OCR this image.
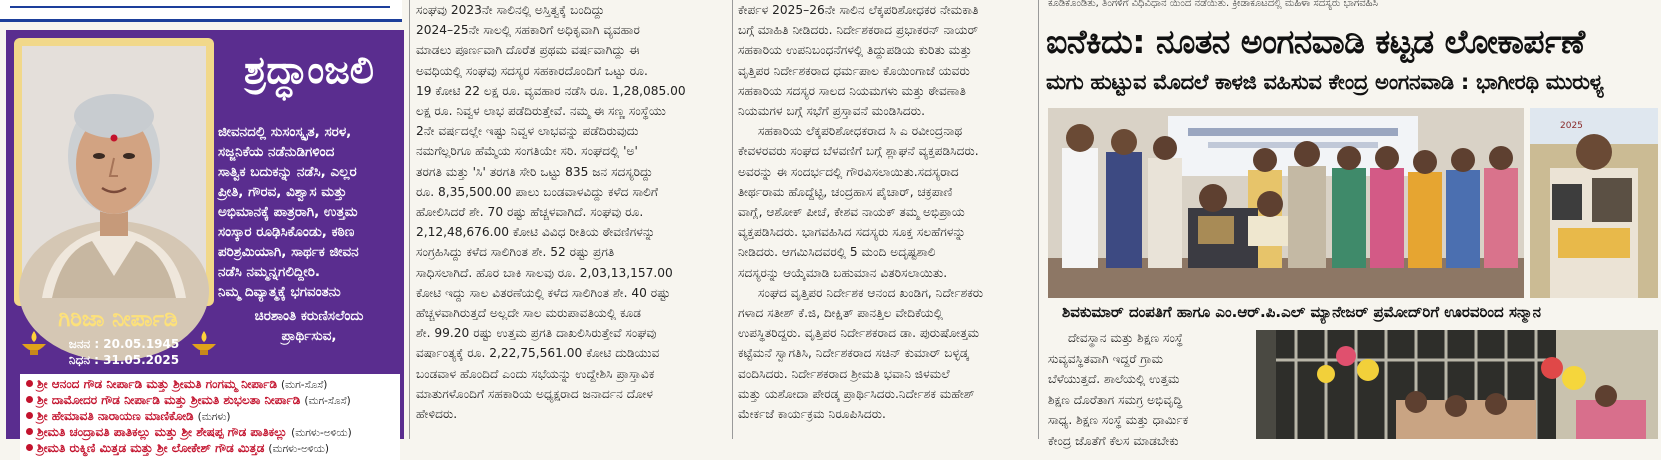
ಶ್ರದ್ಧಾಂಜಲಿ
ಜೀವನದಲ್ಲಿ ಸುಸಂಸ್ಕೃತ, ಸರಳ,
ಸಜ್ಜನಿಕೆಯ ನಡೆನುಡಿಗಳಿಂದ
ಸಾತ್ವಿಕ ಬದುಕನ್ನು ನಡೆಸಿ, ಎಲ್ಲರ
ಪ್ರೀತಿ, ಗೌರವ, ವಿಶ್ವಾಸ ಮತ್ತು
ಅಭಿಮಾನಕ್ಕೆ ಪಾತ್ರರಾಗಿ, ಉತ್ತಮ
ಸಂಸ್ಕಾರ ರೂಢಿಸಿಕೊಂಡು, ಕಠಿಣ
ಪರಿಶ್ರಮಿಯಾಗಿ, ಸಾರ್ಥಕ ಜೀವನ
ನಡೆಸಿ ನಮ್ಮನ್ನಗಲಿದ್ದೀರಿ.
ನಿಮ್ಮ ದಿವ್ಯಾತ್ಮಕ್ಕೆ ಭಗವಂತನು
ಗಿರಿಜಾ ನೀರ್ಪಾಡಿ
ಜನನ : 20.05.1945
ನಿಧನ : 31.05.2025
ಚಿರಶಾಂತಿ ಕರುಣಿಸಲೆಂದು
ಪ್ರಾರ್ಥಿಸುವ,
ಶ್ರೀ ಆನಂದ ಗೌಡ ನೀರ್ಪಾಡಿ ಮತ್ತು ಶ್ರೀಮತಿ ಗಂಗಮ್ಮ ನೀರ್ಪಾಡಿ (ಮಗ-ಸೊಸೆ)
ಶ್ರೀ ದಾಮೋದರ ಗೌಡ ನೀರ್ಪಾಡಿ ಮತ್ತು ಶ್ರೀಮತಿ ಶುಭಲತಾ ನೀರ್ಪಾಡಿ (ಮಗ-ಸೊಸೆ)
ಶ್ರೀ ಹೇಮಾವತಿ ನಾರಾಯಣ ಮಾಣಿಕೋಡಿ (ಮಗಳು)
ಶ್ರೀಮತಿ ಚಂದ್ರಾವತಿ ಪಾತಿಕಲ್ಲು ಮತ್ತು ಶ್ರೀ ಶೇಷಪ್ಪ ಗೌಡ ಪಾತಿಕಲ್ಲು (ಮಗಳು-ಅಳಿಯ)
ಶ್ರೀಮತಿ ರುಕ್ಮಿಣಿ ಮಿತ್ತಡ ಮತ್ತು ಶ್ರೀ ಲೋಕೇಶ್ ಗೌಡ ಮಿತ್ತಡ (ಮಗಳು-ಅಳಿಯ)
ಸಂಘವು 2023ನೇ ಸಾಲಿನಲ್ಲಿ ಅಸ್ತಿತ್ವಕ್ಕೆ ಬಂದಿದ್ದು
2024–25ನೇ ಸಾಲಲ್ಲಿ ಸಹಕಾರಿಗೆ ಅಧಿಕೃವಾಗಿ ವ್ಯವಹಾರ
ಮಾಡಲು ಪೂರ್ಣವಾಗಿ ದೊರೆತ ಪ್ರಥಮ ವರ್ಷವಾಗಿದ್ದು ಈ
ಅವಧಿಯಲ್ಲಿ ಸಂಘವು ಸದಸ್ಯರ ಸಹಕಾರದೊಂದಿಗೆ ಒಟ್ಟು ರೂ.
19 ಕೋಟಿ 22 ಲಕ್ಷ ರೂ. ವ್ಯವಹಾರ ನಡೆಸಿ ರೂ. 1,28,085.00
ಲಕ್ಷ ರೂ. ನಿವ್ವಳ ಲಾಭ ಪಡೆದಿರುತ್ತೇವೆ. ನಮ್ಮ ಈ ಸಣ್ಣ ಸಂಸ್ಥೆಯು
2ನೇ ವರ್ಷದಲ್ಲೇ ಇಷ್ಟು ನಿವ್ವಳ ಲಾಭವನ್ನು ಪಡೆದಿರುವುದು
ನಮಗೆಲ್ಲರಿಗೂ ಹೆಮ್ಮೆಯ ಸಂಗತಿಯೇ ಸರಿ. ಸಂಘದಲ್ಲಿ 'ಅ'
ತರಗತಿ ಮತ್ತು 'ಸಿ' ತರಗತಿ ಸೇರಿ ಒಟ್ಟು 835 ಜನ ಸದಸ್ಯರಿದ್ದು
ರೂ. 8,35,500.00 ಪಾಲು ಬಂಡವಾಳವಿದ್ದು ಕಳೆದ ಸಾಲಿಗೆ
ಹೋಲಿಸಿದರೆ ಶೇ. 70 ರಷ್ಟು ಹೆಚ್ಚಳವಾಗಿದೆ. ಸಂಘವು ರೂ.
2,12,48,676.00 ಕೋಟಿ ವಿವಿಧ ರೀತಿಯ ಠೇವಣಿಗಳನ್ನು
ಸಂಗ್ರಹಿಸಿದ್ದು ಕಳೆದ ಸಾಲಿಗಿಂತ ಶೇ. 52 ರಷ್ಟು ಪ್ರಗತಿ
ಸಾಧಿಸಲಾಗಿದೆ. ಹೊರ ಬಾಕಿ ಸಾಲವು ರೂ. 2,03,13,157.00
ಕೋಟಿ ಇದ್ದು ಸಾಲ ವಿತರಣೆಯಲ್ಲಿ ಕಳೆದ ಸಾಲಿಗಿಂತ ಶೇ. 40 ರಷ್ಟು
ಹೆಚ್ಚಳವಾಗಿರುತ್ತದೆ ಅಲ್ಲದೇ ಸಾಲ ಮರುಪಾವತಿಯಲ್ಲಿ ಕೂಡ
ಶೇ. 99.20 ರಷ್ಟು ಉತ್ತಮ ಪ್ರಗತಿ ದಾಖಲಿಸಿರುತ್ತೇವೆ ಸಂಘವು
ವರ್ಷಾಂತ್ಯಕ್ಕೆ ರೂ. 2,22,75,561.00 ಕೋಟಿ ದುಡಿಯುವ
ಬಂಡವಾಳ ಹೊಂದಿದೆ ಎಂದು ಸಭೆಯನ್ನು ಉದ್ದೇಶಿಸಿ ಪ್ರಾಸ್ತಾವಿಕ
ಮಾತುಗಳೊಂದಿಗೆ ಸಹಕಾರಿಯ ಅಧ್ಯಕ್ಷರಾದ ಜನಾರ್ದನ ದೋಳ
ಹೇಳಿದರು.
ಕೇರ್ಪಳ 2025–26ನೇ ಸಾಲಿನ ಲೆಕ್ಕಪರಿಶೋಧಕರ ನೇಮಕಾತಿ
ಬಗ್ಗೆ ಮಾಹಿತಿ ನೀಡಿದರು. ನಿರ್ದೇಶಕರಾದ ಪ್ರಭಾಕರನ್ ನಾಯರ್
ಸಹಕಾರಿಯ ಉಪನಿಬಂಧನೆಗಳಲ್ಲಿ ತಿದ್ದುಪಡಿಯ ಕುರಿತು ಮತ್ತು
ವೃತ್ತಿಪರ ನಿರ್ದೇಶಕರಾದ ಧರ್ಮಪಾಲ ಕೊಯಿಂಗಾಜೆ ಯವರು
ಸಹಕಾರಿಯ ಸದಸ್ಯರ ಸಾಲದ ನಿಯಮಗಳು ಮತ್ತು ಠೇವಣಾತಿ
ನಿಯಮಗಳ ಬಗ್ಗೆ ಸಭೆಗೆ ಪ್ರಸ್ತಾವನೆ ಮಂಡಿಸಿದರು.
ಸಹಕಾರಿಯ ಲೆಕ್ಕಪರಿಶೋಧಕರಾದ ಸಿ ಎ ರವೀಂದ್ರನಾಥ
ಕೇವಳರವರು ಸಂಘದ ಬೆಳವಣಿಗೆ ಬಗ್ಗೆ ಶ್ಲಾಘನೆ ವ್ಯಕ್ತಪಡಿಸಿದರು.
ಅವರನ್ನು ಈ ಸಂದರ್ಭದಲ್ಲಿ ಗೌರವಿಸಲಾಯಿತು.ಸದಸ್ಯರಾದ
ತೀರ್ಥರಾಮ ಹೊದ್ದೆಟ್ಟಿ, ಚಂದ್ರಹಾಸ ಪೈಚಾರ್, ಚಕ್ರಪಾಣಿ
ವಾಗ್ಲೆ, ಆಶೋಕ್ ಪೀಚೆ, ಕೇಶವ ನಾಯಕ್ ತಮ್ಮ ಅಭಿಪ್ರಾಯ
ವ್ಯಕ್ತಪಡಿಸಿದರು. ಭಾಗವಹಿಸಿದ ಸದಸ್ಯರು ಸೂಕ್ತ ಸಲಹೆಗಳನ್ನು
ನೀಡಿದರು. ಆಗಮಿಸಿದವರಲ್ಲಿ 5 ಮಂದಿ ಅದೃಷ್ಟಶಾಲಿ
ಸದಸ್ಯರನ್ನು ಆಯ್ಕೆಮಾಡಿ ಬಹುಮಾನ ವಿತರಿಸಲಾಯಿತು.
ಸಂಘದ ವೃತ್ತಿಪರ ನಿರ್ದೇಶಕ ಆನಂದ ಖಂಡಿಗ, ನಿರ್ದೇಶಕರು
ಗಳಾದ ಸತೀಶ್ ಕೆ.ಜಿ, ದೀಕ್ಷಿತ್ ಪಾನತ್ತಿಲ ವೇದಿಕೆಯಲ್ಲಿ
ಉಪಸ್ಥಿತರಿದ್ದರು. ವೃತ್ತಿಪರ ನಿರ್ದೇಶಕರಾದ ಡಾ. ಪುರುಷೋತ್ತಮ
ಕಟ್ಟೆಮನೆ ಸ್ವಾಗತಿಸಿ, ನಿರ್ದೇಶಕರಾದ ಸಚಿನ್ ಕುಮಾರ್ ಬಳ್ಳಡ್ಕ
ವಂದಿಸಿದರು. ನಿರ್ದೇಶಕರಾದ ಶ್ರೀಮತಿ ಭವಾನಿ ಜಿಳಮಲೆ
ಮತ್ತು ಯಶೋದಾ ಪೇರಡ್ಕ ಪ್ರಾರ್ಥಿಸಿದರು.ನಿರ್ದೇಶಕ ಮಹೇಶ್
ಮೇರ್ಕಜೆ ಕಾರ್ಯಕ್ರಮ ನಿರೂಪಿಸಿದರು.
ಕೂಡಿಕೊಂಡಿತು, ತಿಂಗಳಿಗೆ ವಿಧಿವಿಧಾನ ಯಿಂದ ನಡೆಯಿತು. ಕ್ರೀಡಾಕೂಟದಲ್ಲಿ ಮಹಿಳಾ ಸದಸ್ಯರು ಭಾಗವಹಿಸಿ
ಐನೆಕಿದು: ನೂತನ ಅಂಗನವಾಡಿ ಕಟ್ಟಡ ಲೋಕಾರ್ಪಣೆ
ಮಗು ಹುಟ್ಟುವ ಮೊದಲೆ ಕಾಳಜಿ ವಹಿಸುವ ಕೇಂದ್ರ ಅಂಗನವಾಡಿ : ಭಾಗೀರಥಿ ಮುರುಳ್ಯ
2025
ಶಿವಕುಮಾರ್ ದಂಪತಿಗೆ ಹಾಗೂ ಎಂ.ಆರ್.ಪಿ.ಎಲ್ ಮ್ಯಾನೇಜರ್ ಪ್ರಮೋದ್‌ರಿಗೆ ಊರವರಿಂದ ಸನ್ಮಾನ
ದೇವಸ್ಥಾನ ಮತ್ತು ಶಿಕ್ಷಣ ಸಂಸ್ಥೆ
ಸುವ್ಯವಸ್ಥಿತವಾಗಿ ಇದ್ದರೆ ಗ್ರಾಮ
ಬೆಳೆಯುತ್ತದೆ. ಶಾಲೆಯಲ್ಲಿ ಉತ್ತಮ
ಶಿಕ್ಷಣ ದೊರೆತಾಗ ಸಮಗ್ರ ಅಭಿವೃದ್ಧಿ
ಸಾಧ್ಯ. ಶಿಕ್ಷಣ ಸಂಸ್ಥೆ ಮತ್ತು ಧಾರ್ಮಿಕ
ಕೇಂದ್ರ ಜೊತೆಗೆ ಕೆಲಸ ಮಾಡಬೇಕು
